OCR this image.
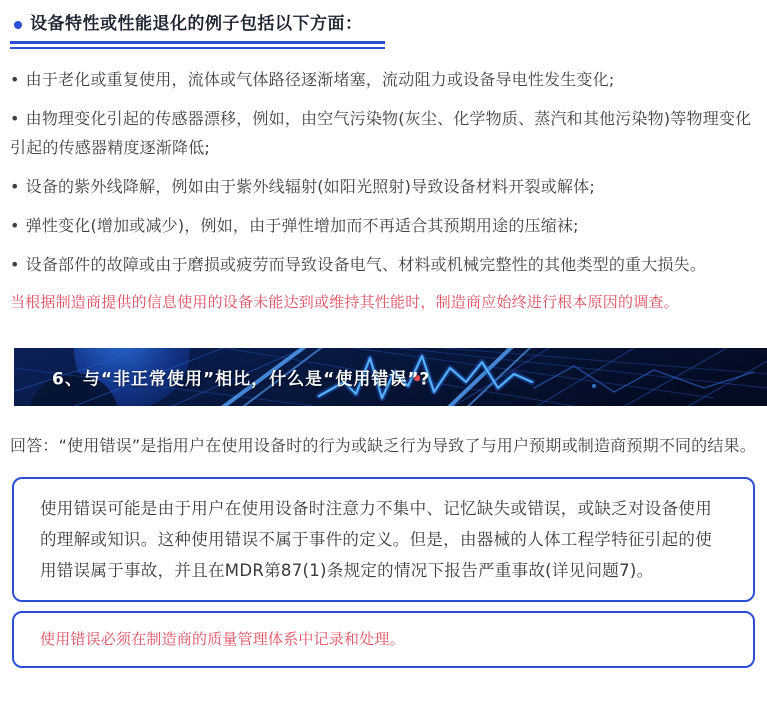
设备特性或性能退化的例子包括以下方面：

• 由于老化或重复使用，流体或气体路径逐渐堵塞，流动阻力或设备导电性发生变化;

• 由物理变化引起的传感器漂移，例如，由空气污染物(灰尘、化学物质、蒸汽和其他污染物)等物理变化引起的传感器精度逐渐降低;

• 设备的紫外线降解，例如由于紫外线辐射(如阳光照射)导致设备材料开裂或解体;

• 弹性变化(增加或减少)，例如，由于弹性增加而不再适合其预期用途的压缩袜;

• 设备部件的故障或由于磨损或疲劳而导致设备电气、材料或机械完整性的其他类型的重大损失。

当根据制造商提供的信息使用的设备未能达到或维持其性能时，制造商应始终进行根本原因的调查。

6、与“非正常使用”相比，什么是“使用错误”?

回答：“使用错误”是指用户在使用设备时的行为或缺乏行为导致了与用户预期或制造商预期不同的结果。

使用错误可能是由于用户在使用设备时注意力不集中、记忆缺失或错误，或缺乏对设备使用的理解或知识。这种使用错误不属于事件的定义。但是，由器械的人体工程学特征引起的使用错误属于事故，并且在MDR第87(1)条规定的情况下报告严重事故(详见问题7)。
使用错误必须在制造商的质量管理体系中记录和处理。
